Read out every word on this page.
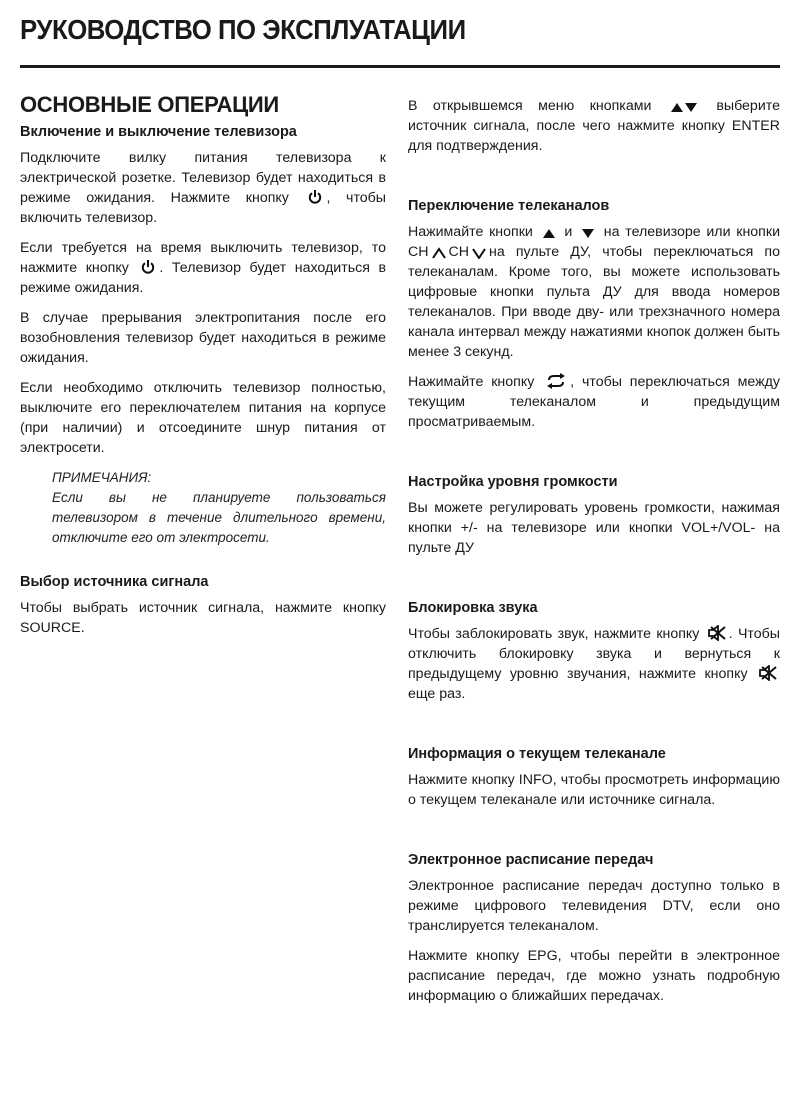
РУКОВОДСТВО ПО ЭКСПЛУАТАЦИИ
ОСНОВНЫЕ ОПЕРАЦИИ
Включение и выключение телевизора

Подключите вилку питания телевизора к электрической розетке. Телевизор будет находиться в режиме ожидания. Нажмите кнопку	, чтобы включить телевизор.

Если требуется на время выключить телевизор, то нажмите кнопку . Телевизор будет находиться в режиме ожидания.

В случае прерывания электропитания после его возобновления телевизор будет находиться в режиме ожидания.

Если необходимо отключить телевизор полностью, выключите его переключателем питания на корпусе (при наличии) и отсоедините шнур питания от электросети.

ПРИМЕЧАНИЯ:

Если вы не планируете пользоваться телевизором в течение длительного времени, отключите его от электросети.

Выбор источника сигнала

Чтобы выбрать источник сигнала, нажмите кнопку SOURCE.

В открывшемся меню кнопками	выберите источник сигнала, после чего нажмите кнопку ENTER для подтверждения.

Переключение телеканалов

Нажимайте кнопки и на телевизоре или кнопки CH CH на пульте ДУ, чтобы переключаться по телеканалам. Кроме того, вы можете использовать цифровые кнопки пульта ДУ для ввода номеров телеканалов. При вводе дву- или трехзначного номера канала интервал между нажатиями кнопок должен быть менее 3 секунд.

Нажимайте кнопку	, чтобы переключаться между текущим телеканалом и предыдущим просматриваемым.

Настройка уровня громкости

Вы можете регулировать уровень громкости, нажимая кнопки +/- на телевизоре или кнопки VOL+/VOL- на пульте ДУ

Блокировка звука

Чтобы заблокировать звук, нажмите кнопку . Чтобы отключить блокировку звука и вернуться к предыдущему уровню звучания, нажмите кнопку
еще раз.

Информация о текущем телеканале

Нажмите кнопку INFO, чтобы просмотреть информацию о текущем телеканале или источнике сигнала.

Электронное расписание передач

Электронное расписание передач доступно только в режиме цифрового телевидения DTV, если оно транслируется телеканалом.

Нажмите кнопку EPG, чтобы перейти в электронное расписание передач, где можно узнать подробную информацию о ближайших передачах.
